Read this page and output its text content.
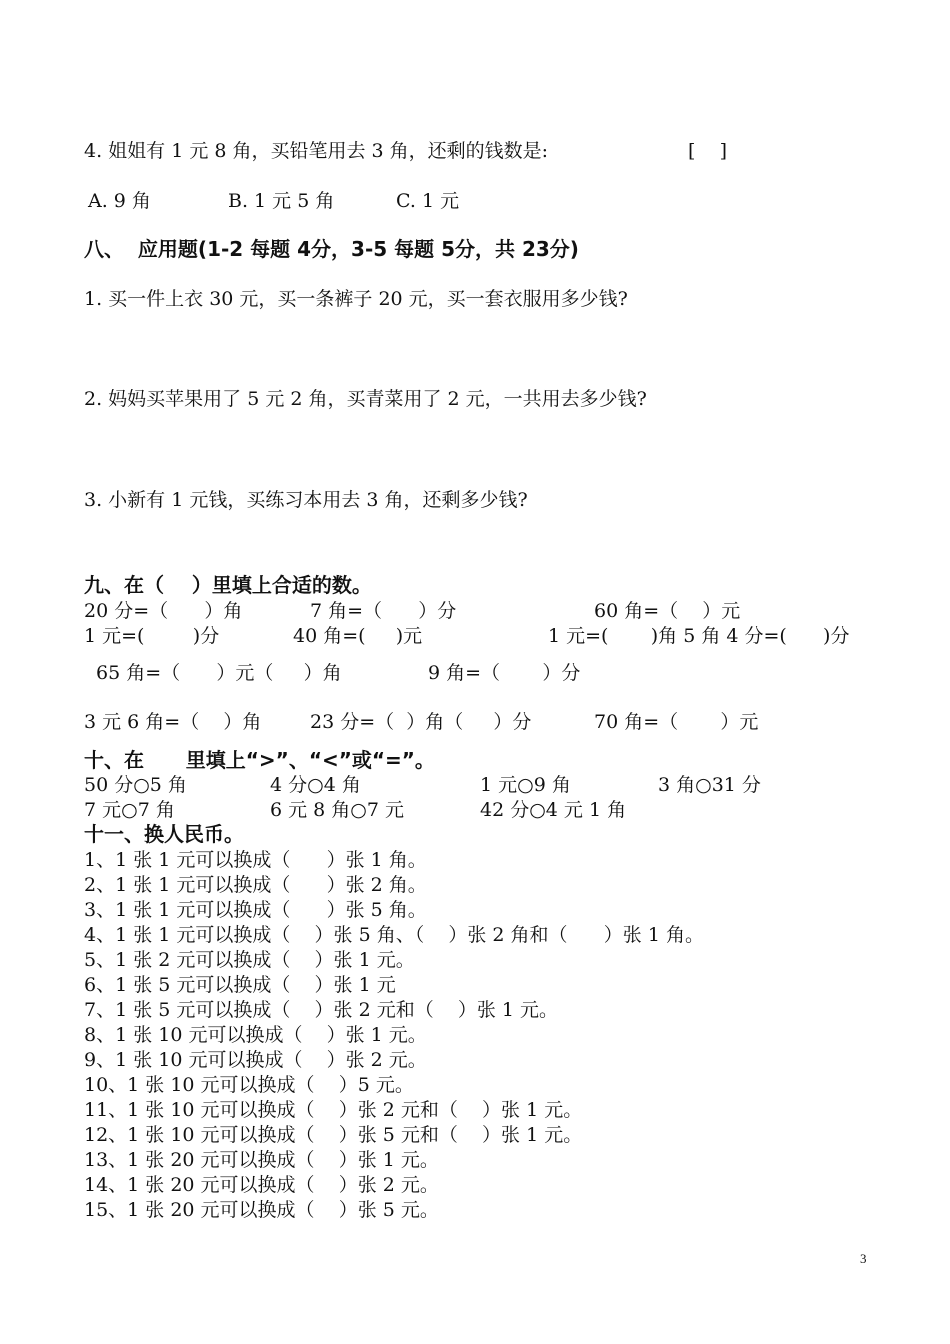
4. 姐姐有 1 元 8 角，买铅笔用去 3 角，还剩的钱数是:	[    ]
A. 9 角	B. 1 元 5 角	C. 1 元
八、  应用题(1-2 每题 4分，3-5 每题 5分，共 23分)
1. 买一件上衣 30 元，买一条裤子 20 元，买一套衣服用多少钱?
2. 妈妈买苹果用了 5 元 2 角，买青菜用了 2 元，一共用去多少钱?
3. 小新有 1 元钱，买练习本用去 3 角，还剩多少钱?
九、在（    ）里填上合适的数。
20 分=（      ）角	7 角=（      ）分	60 角=（    ）元
1 元=(        )分	40 角=(     )元	1 元=(       )角 5 角 4 分=(      )分
65 角=（      ）元（     ）角	9 角=（       ）分
3 元 6 角=（    ）角	23 分=（  ）角（     ）分	70 角=（       ）元
十、在      里填上“>”、“<”或“=”。
50 分○5 角	4 分○4 角	1 元○9 角	3 角○31 分
7 元○7 角	6 元 8 角○7 元	42 分○4 元 1 角
十一、换人民币。
1、1 张 1 元可以换成（      ）张 1 角。
2、1 张 1 元可以换成（      ）张 2 角。
3、1 张 1 元可以换成（      ）张 5 角。
4、1 张 1 元可以换成（    ）张 5 角、（    ）张 2 角和（      ）张 1 角。
5、1 张 2 元可以换成（    ）张 1 元。
6、1 张 5 元可以换成（    ）张 1 元
7、1 张 5 元可以换成（    ）张 2 元和（    ）张 1 元。
8、1 张 10 元可以换成（    ）张 1 元。
9、1 张 10 元可以换成（    ）张 2 元。
10、1 张 10 元可以换成（    ）5 元。
11、1 张 10 元可以换成（    ）张 2 元和（    ）张 1 元。
12、1 张 10 元可以换成（    ）张 5 元和（    ）张 1 元。
13、1 张 20 元可以换成（    ）张 1 元。
14、1 张 20 元可以换成（    ）张 2 元。
15、1 张 20 元可以换成（    ）张 5 元。
3
